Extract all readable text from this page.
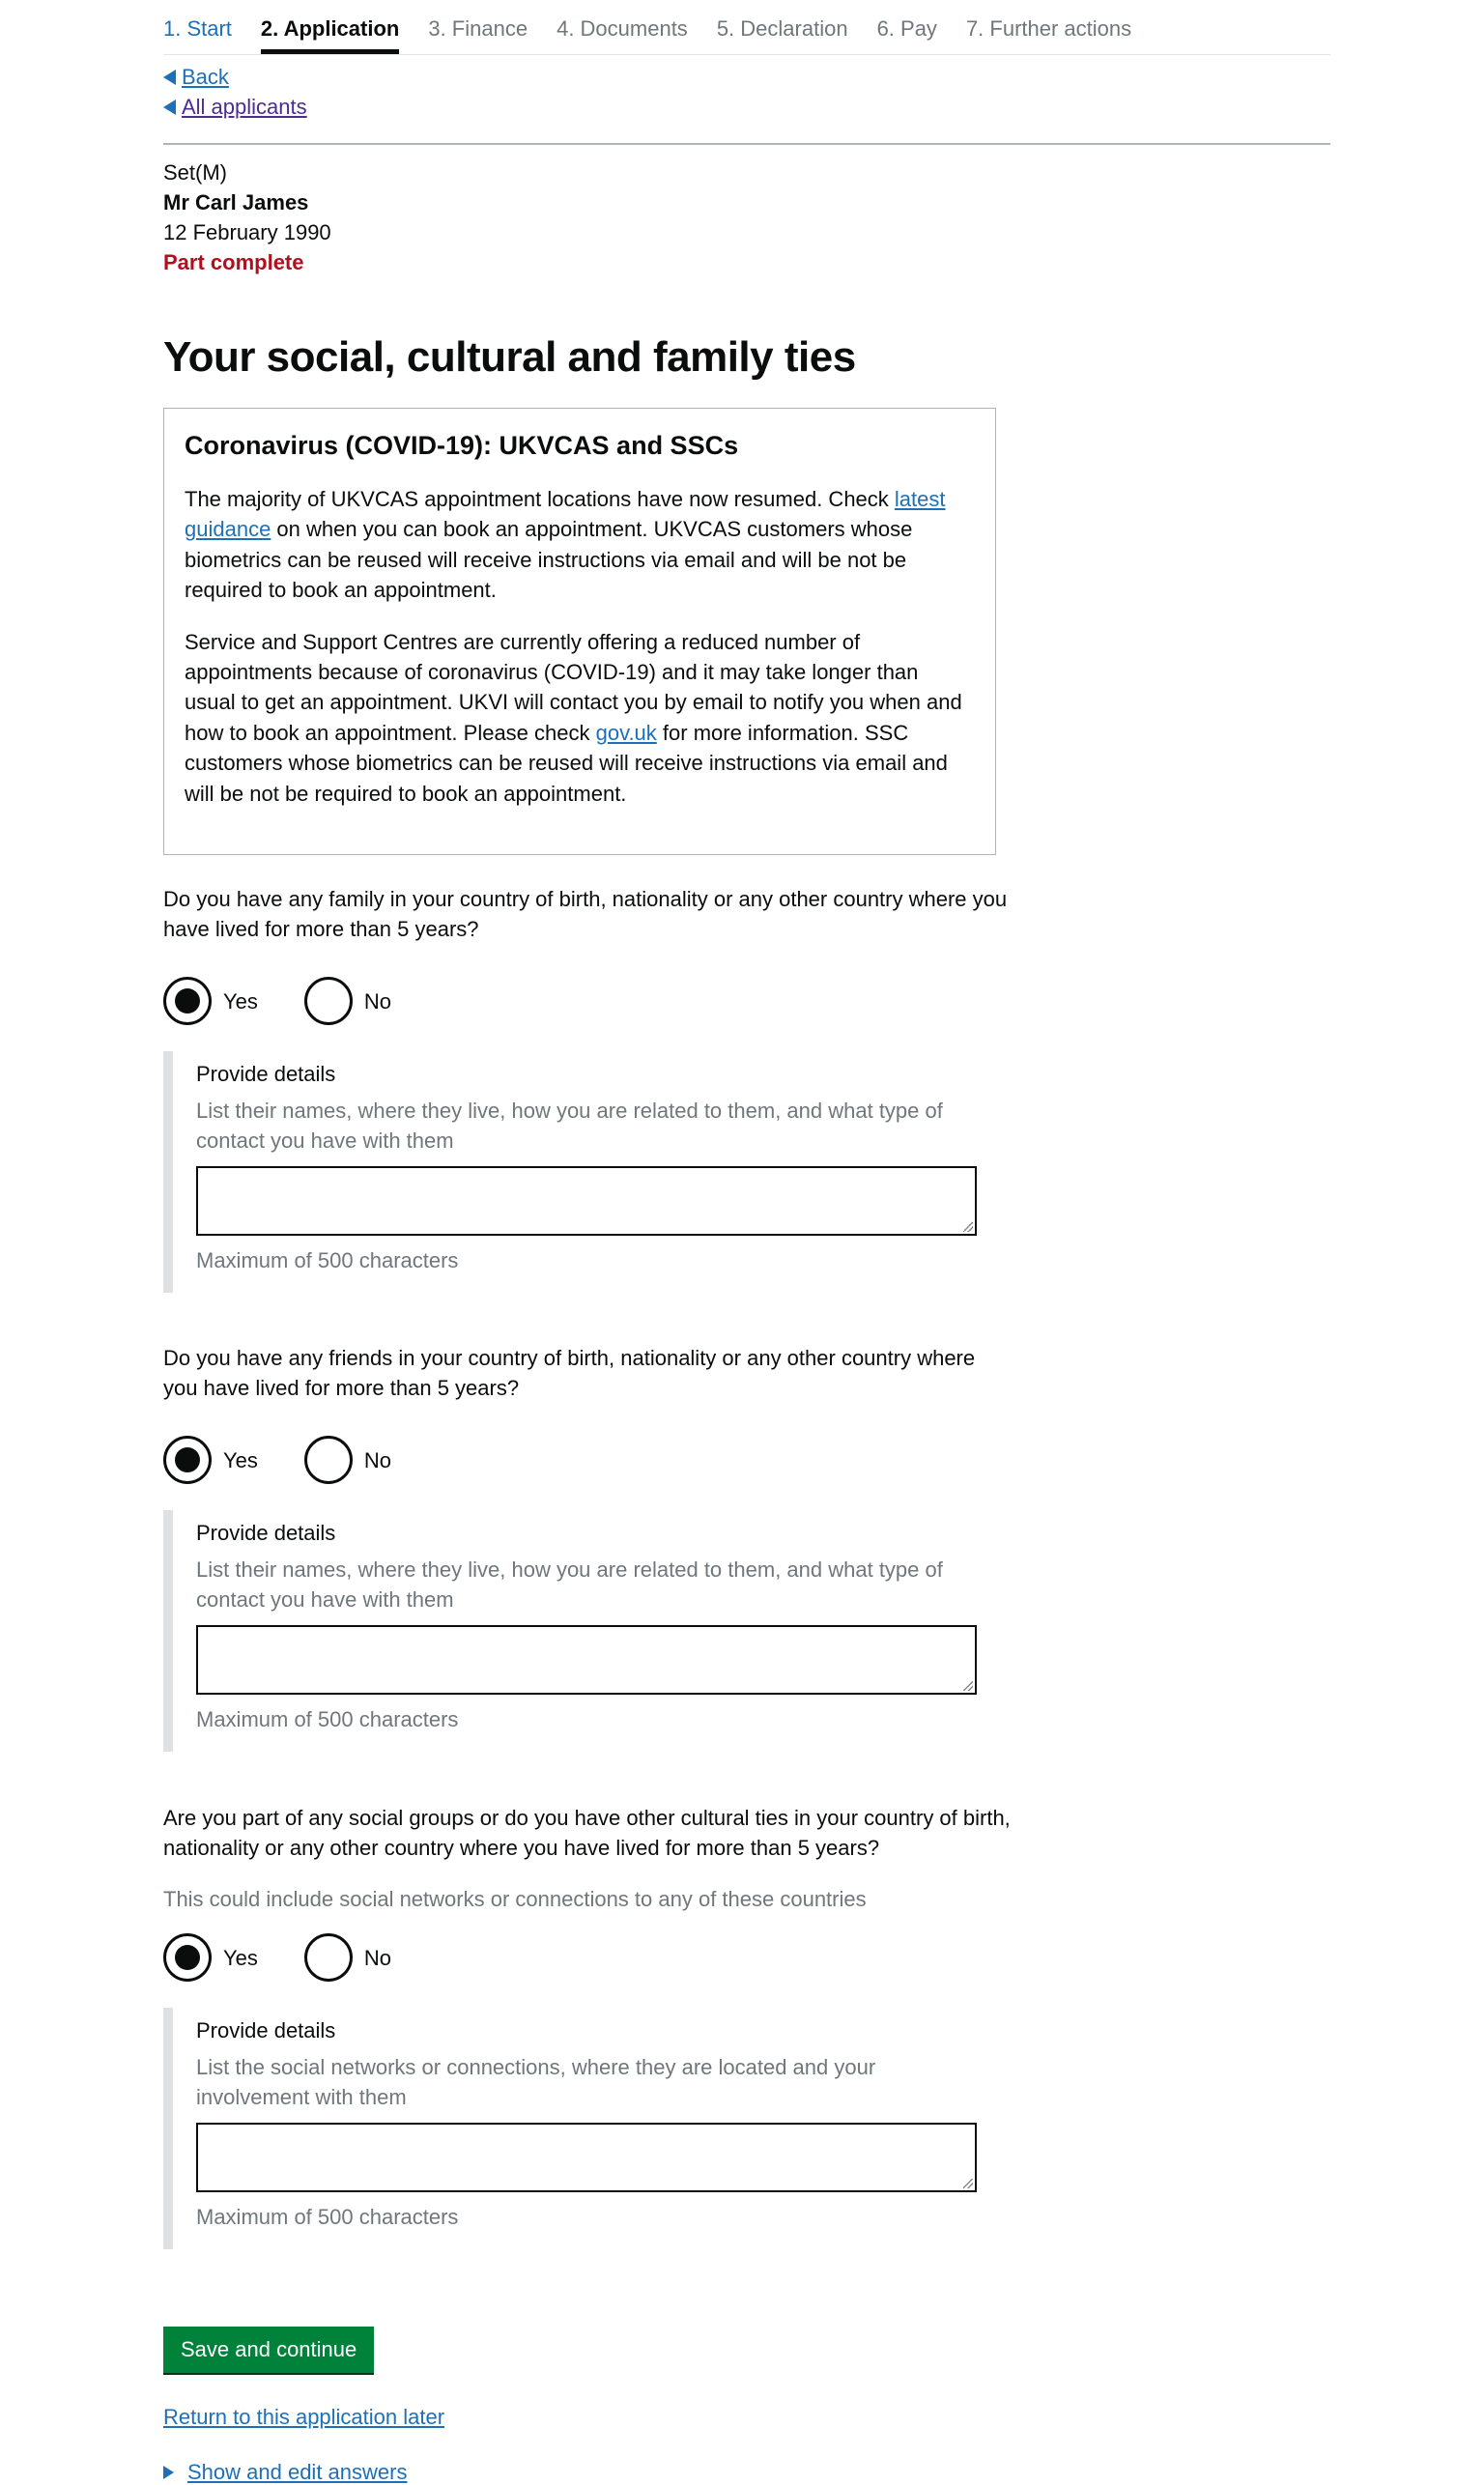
1. Start 2. Application 3. Finance 4. Documents 5. Declaration 6. Pay 7. Further actions
Back
All applicants
Set(M)
Mr Carl James
12 February 1990
Part complete
Your social, cultural and family ties
Coronavirus (COVID-19): UKVCAS and SSCs

The majority of UKVCAS appointment locations have now resumed. Check latest guidance on when you can book an appointment. UKVCAS customers whose biometrics can be reused will receive instructions via email and will be not be required to book an appointment.

Service and Support Centres are currently offering a reduced number of appointments because of coronavirus (COVID-19) and it may take longer than usual to get an appointment. UKVI will contact you by email to notify you when and how to book an appointment. Please check gov.uk for more information. SSC customers whose biometrics can be reused will receive instructions via email and will be not be required to book an appointment.

Do you have any family in your country of birth, nationality or any other country where you have lived for more than 5 years?
Yes	No
Provide details
List their names, where they live, how you are related to them, and what type of contact you have with them
Maximum of 500 characters
Do you have any friends in your country of birth, nationality or any other country where you have lived for more than 5 years?
Yes	No
Provide details
List their names, where they live, how you are related to them, and what type of contact you have with them
Maximum of 500 characters
Are you part of any social groups or do you have other cultural ties in your country of birth, nationality or any other country where you have lived for more than 5 years?
This could include social networks or connections to any of these countries
Yes	No
Provide details
List the social networks or connections, where they are located and your involvement with them
Maximum of 500 characters
Save and continue
Return to this application later
Show and edit answers
